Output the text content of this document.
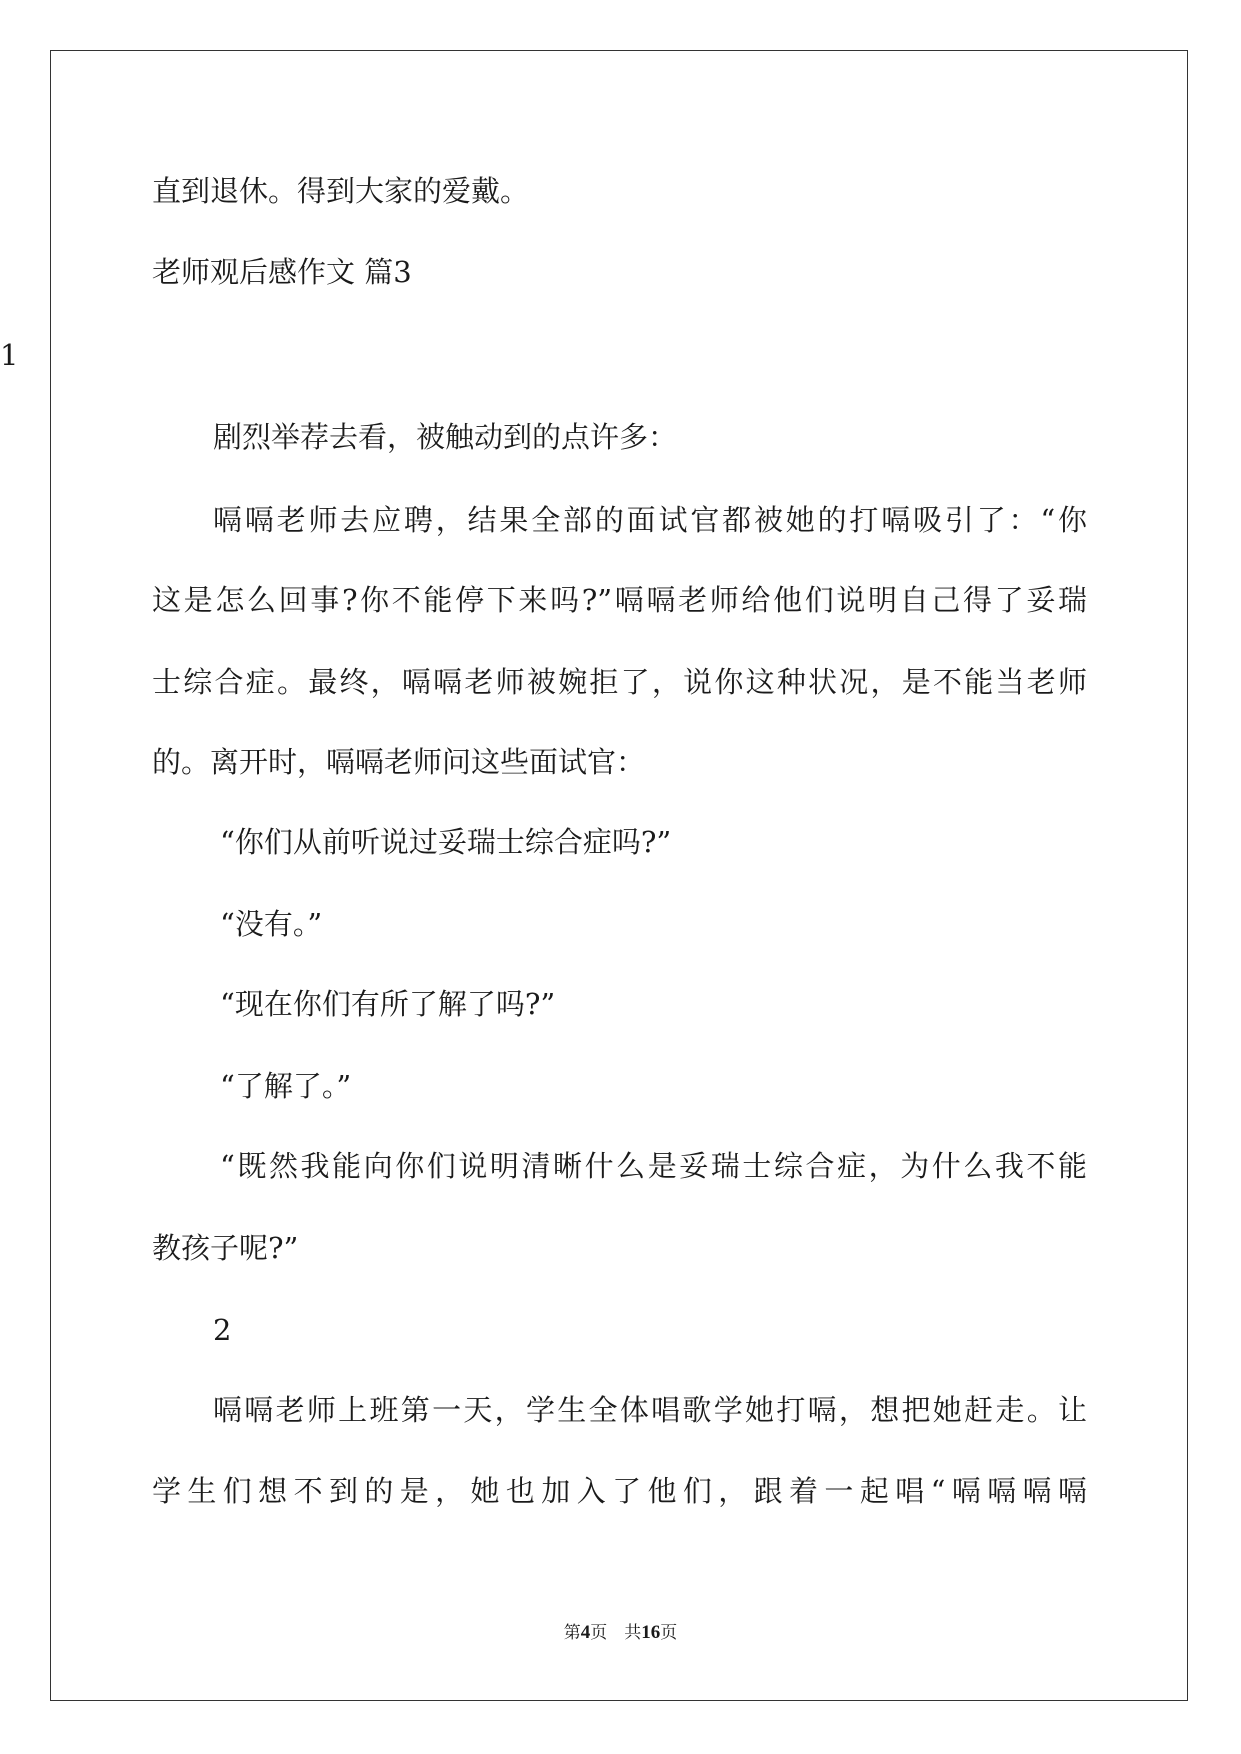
直到退休。得到大家的爱戴。
老师观后感作文 篇3
1
剧烈举荐去看，被触动到的点许多：
嗝嗝老师去应聘，结果全部的面试官都被她的打嗝吸引了：“你
这是怎么回事?你不能停下来吗?”嗝嗝老师给他们说明自己得了妥瑞
士综合症。最终，嗝嗝老师被婉拒了，说你这种状况，是不能当老师
的。离开时，嗝嗝老师问这些面试官：
“你们从前听说过妥瑞士综合症吗?”
“没有。”
“现在你们有所了解了吗?”
“了解了。”
“既然我能向你们说明清晰什么是妥瑞士综合症，为什么我不能
教孩子呢?”
2
嗝嗝老师上班第一天，学生全体唱歌学她打嗝，想把她赶走。让
学生们想不到的是，她也加入了他们，跟着一起唱“嗝嗝嗝嗝
第4页　共16页
